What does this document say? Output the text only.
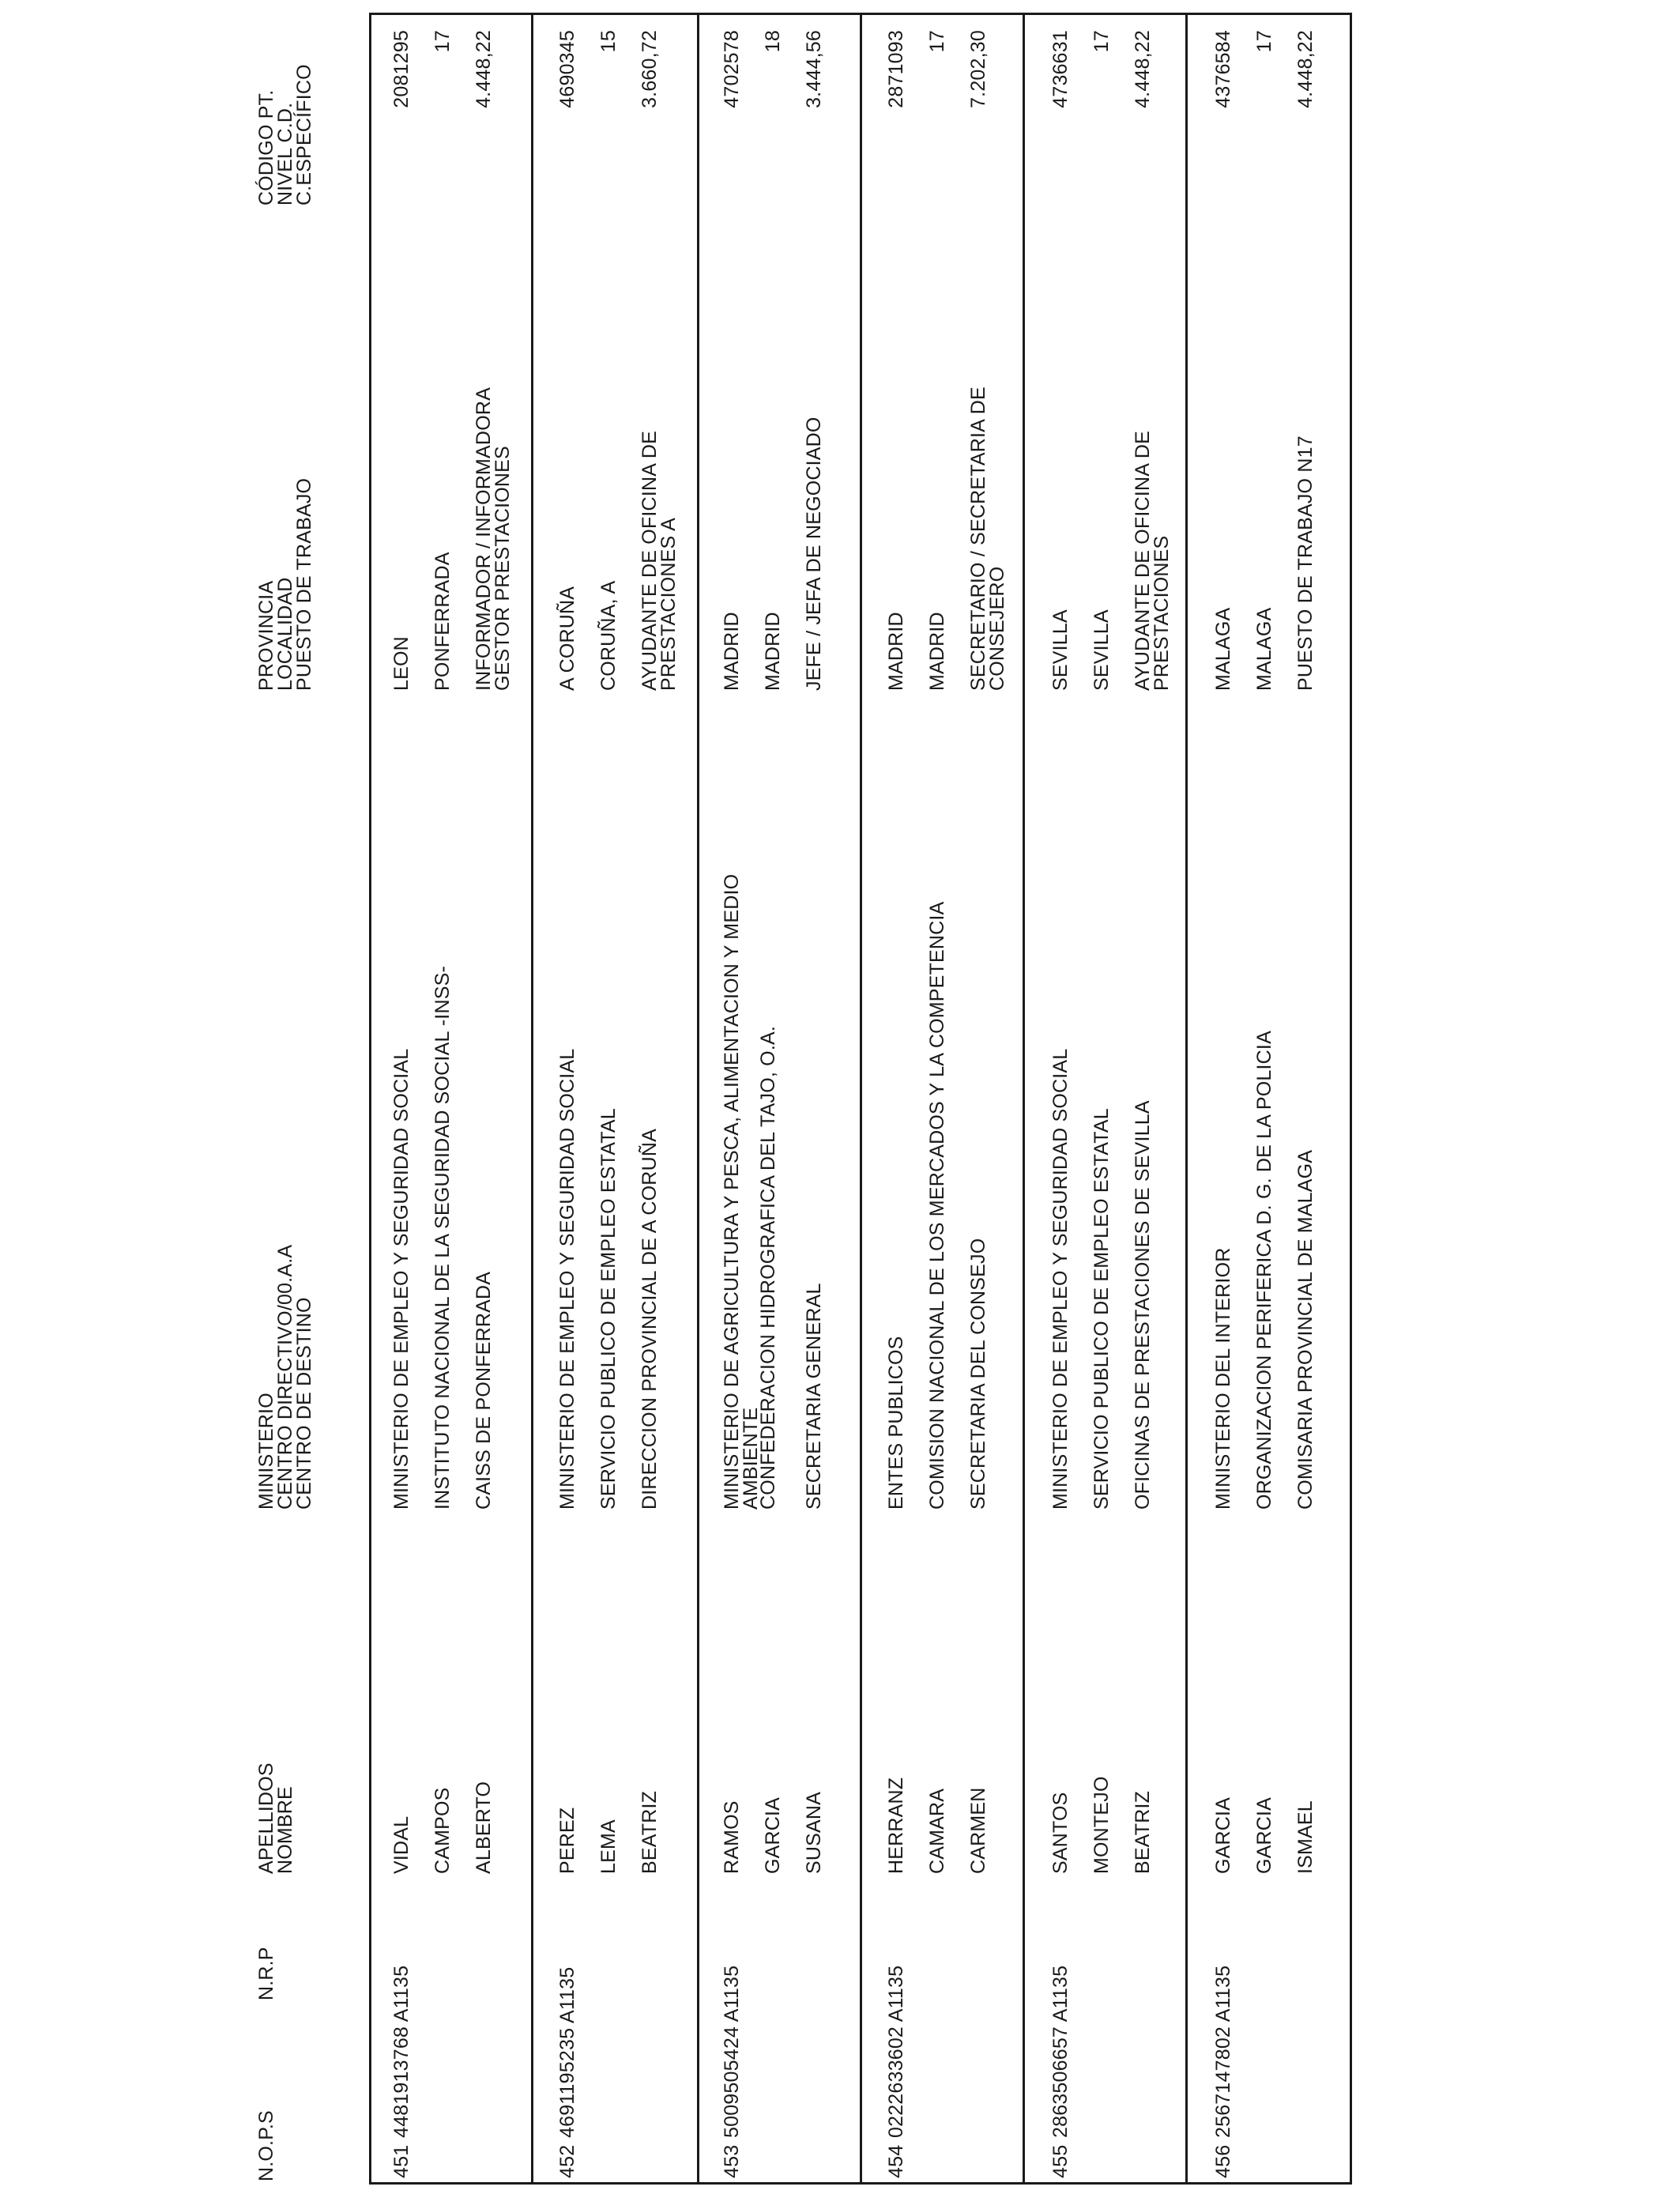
N.O.P.S
N.R.P
APELLIDOS
NOMBRE
MINISTERIO
CENTRO DIRECTIVO/00.A.A
CENTRO DE DESTINO
PROVINCIA
LOCALIDAD
PUESTO DE TRABAJO
CÓDIGO PT.
NIVEL C.D.
C.ESPECÍFICO
451
4481913768 A1135
VIDAL CAMPOS ALBERTO
MINISTERIO DE EMPLEO Y SEGURIDAD SOCIAL INSTITUTO NACIONAL DE LA SEGURIDAD SOCIAL -INSS- CAISS DE PONFERRADA
LEON PONFERRADA INFORMADOR / INFORMADORA
GESTOR PRESTACIONES
2081295 17 4.448,22
452
4691195235 A1135
PEREZ LEMA BEATRIZ
MINISTERIO DE EMPLEO Y SEGURIDAD SOCIAL SERVICIO PUBLICO DE EMPLEO ESTATAL DIRECCION PROVINCIAL DE A CORUÑA
A CORUÑA CORUÑA, A AYUDANTE DE OFICINA DE
PRESTACIONES A
4690345 15 3.660,72
453
5009505424 A1135
RAMOS GARCIA SUSANA
MINISTERIO DE AGRICULTURA Y PESCA, ALIMENTACION Y MEDIO
AMBIENTE
CONFEDERACION HIDROGRAFICA DEL TAJO, O.A. SECRETARIA GENERAL
MADRID MADRID JEFE / JEFA DE NEGOCIADO
4702578 18 3.444,56
454
0222633602 A1135
HERRANZ CAMARA CARMEN
ENTES PUBLICOS COMISION NACIONAL DE LOS MERCADOS Y LA COMPETENCIA SECRETARIA DEL CONSEJO
MADRID MADRID SECRETARIO / SECRETARIA DE
CONSEJERO
2871093 17 7.202,30
455
2863506657 A1135
SANTOS MONTEJO BEATRIZ
MINISTERIO DE EMPLEO Y SEGURIDAD SOCIAL SERVICIO PUBLICO DE EMPLEO ESTATAL OFICINAS DE PRESTACIONES DE SEVILLA
SEVILLA SEVILLA AYUDANTE DE OFICINA DE
PRESTACIONES
4736631 17 4.448,22
456
2567147802 A1135
GARCIA GARCIA ISMAEL
MINISTERIO DEL INTERIOR ORGANIZACION PERIFERICA D. G. DE LA POLICIA COMISARIA PROVINCIAL DE MALAGA
MALAGA MALAGA PUESTO DE TRABAJO N17
4376584 17 4.448,22
